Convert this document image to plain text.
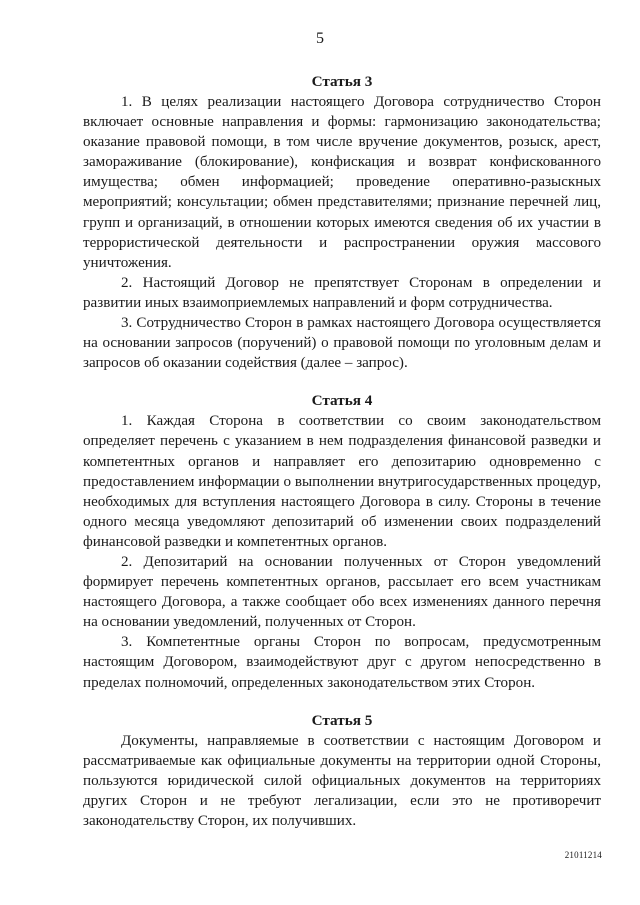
5
Статья 3

1. В целях реализации настоящего Договора сотрудничество Сторон включает основные направления и формы: гармонизацию законодательства; оказание правовой помощи, в том числе вручение документов, розыск, арест, замораживание (блокирование), конфискация и возврат конфискованного имущества; обмен информацией; проведение оперативно-разыскных мероприятий; консультации; обмен представителями; признание перечней лиц, групп и организаций, в отношении которых имеются сведения об их участии в террористической деятельности и распространении оружия массового уничтожения.

2. Настоящий Договор не препятствует Сторонам в определении и развитии иных взаимоприемлемых направлений и форм сотрудничества.

3. Сотрудничество Сторон в рамках настоящего Договора осуществляется на основании запросов (поручений) о правовой помощи по уголовным делам и запросов об оказании содействия (далее – запрос).

Статья 4

1. Каждая Сторона в соответствии со своим законодательством определяет перечень с указанием в нем подразделения финансовой разведки и компетентных органов и направляет его депозитарию одновременно с предоставлением информации о выполнении внутригосударственных процедур, необходимых для вступления настоящего Договора в силу. Стороны в течение одного месяца уведомляют депозитарий об изменении своих подразделений финансовой разведки и компетентных органов.

2. Депозитарий на основании полученных от Сторон уведомлений формирует перечень компетентных органов, рассылает его всем участникам настоящего Договора, а также сообщает обо всех изменениях данного перечня на основании уведомлений, полученных от Сторон.

3. Компетентные органы Сторон по вопросам, предусмотренным настоящим Договором, взаимодействуют друг с другом непосредственно в пределах полномочий, определенных законодательством этих Сторон.

Статья 5

Документы, направляемые в соответствии с настоящим Договором и рассматриваемые как официальные документы на территории одной Стороны, пользуются юридической силой официальных документов на территориях других Сторон и не требуют легализации, если это не противоречит законодательству Сторон, их получивших.

21011214
